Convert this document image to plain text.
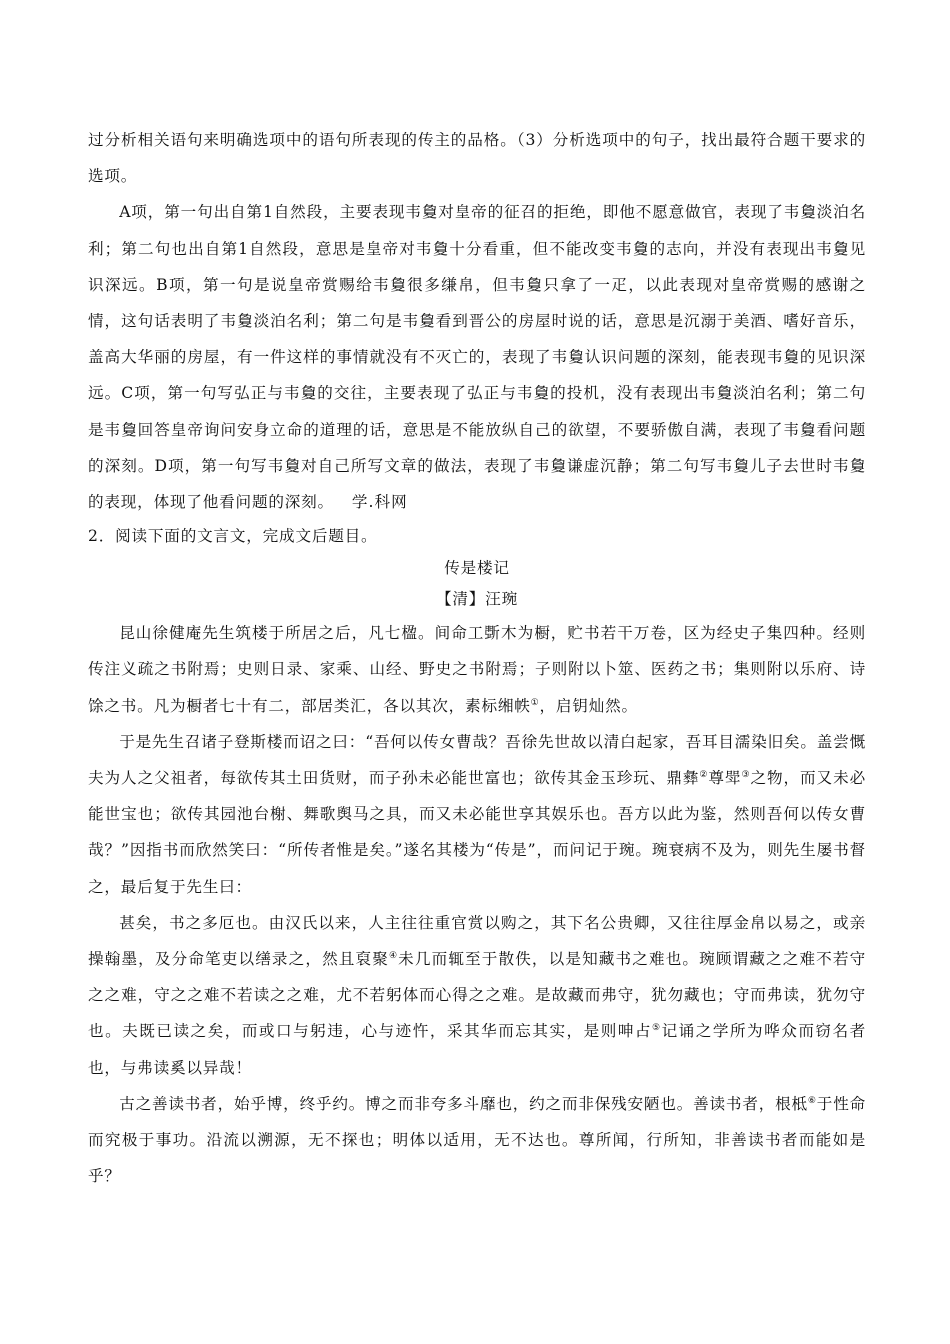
过分析相关语句来明确选项中的语句所表现的传主的品格。（3）分析选项中的句子，找出最符合题干要求的选项。

A项，第一句出自第1自然段，主要表现韦敻对皇帝的征召的拒绝，即他不愿意做官，表现了韦敻淡泊名利；第二句也出自第1自然段，意思是皇帝对韦敻十分看重，但不能改变韦敻的志向，并没有表现出韦敻见识深远。B项，第一句是说皇帝赏赐给韦敻很多缣帛，但韦敻只拿了一疋，以此表现对皇帝赏赐的感谢之情，这句话表明了韦敻淡泊名利；第二句是韦敻看到晋公的房屋时说的话，意思是沉溺于美酒、嗜好音乐，盖高大华丽的房屋，有一件这样的事情就没有不灭亡的，表现了韦敻认识问题的深刻，能表现韦敻的见识深远。C项，第一句写弘正与韦敻的交往，主要表现了弘正与韦敻的投机，没有表现出韦敻淡泊名利；第二句是韦敻回答皇帝询问安身立命的道理的话，意思是不能放纵自己的欲望，不要骄傲自满，表现了韦敻看问题的深刻。D项，第一句写韦敻对自己所写文章的做法，表现了韦敻谦虚沉静；第二句写韦敻儿子去世时韦敻的表现，体现了他看问题的深刻。 学.科网

2．阅读下面的文言文，完成文后题目。

传是楼记

【清】汪琬

昆山徐健庵先生筑楼于所居之后，凡七楹。间命工斲木为橱，贮书若干万卷，区为经史子集四种。经则传注义疏之书附焉；史则日录、家乘、山经、野史之书附焉；子则附以卜筮、医药之书；集则附以乐府、诗馀之书。凡为橱者七十有二，部居类汇，各以其次，素标缃帙①，启钥灿然。

于是先生召诸子登斯楼而诏之曰：“吾何以传女曹哉？吾徐先世故以清白起家，吾耳目濡染旧矣。盖尝慨夫为人之父祖者，每欲传其土田货财，而子孙未必能世富也；欲传其金玉珍玩、鼎彝②尊斝③之物，而又未必能世宝也；欲传其园池台榭、舞歌舆马之具，而又未必能世享其娱乐也。吾方以此为鉴，然则吾何以传女曹哉？”因指书而欣然笑曰：“所传者惟是矣。”遂名其楼为“传是”，而问记于琬。琬衰病不及为，则先生屡书督之，最后复于先生曰：

甚矣，书之多厄也。由汉氏以来，人主往往重官赏以购之，其下名公贵卿，又往往厚金帛以易之，或亲操翰墨，及分命笔吏以缮录之，然且裒聚④未几而辄至于散佚，以是知藏书之难也。琬顾谓藏之之难不若守之之难，守之之难不若读之之难，尤不若躬体而心得之之难。是故藏而弗守，犹勿藏也；守而弗读，犹勿守也。夫既已读之矣，而或口与躬违，心与迹忤，采其华而忘其实，是则呻占⑤记诵之学所为哗众而窃名者也，与弗读奚以异哉！

古之善读书者，始乎博，终乎约。博之而非夸多斗靡也，约之而非保残安陋也。善读书者，根柢⑥于性命而究极于事功。沿流以溯源，无不探也；明体以适用，无不达也。尊所闻，行所知，非善读书者而能如是乎？
